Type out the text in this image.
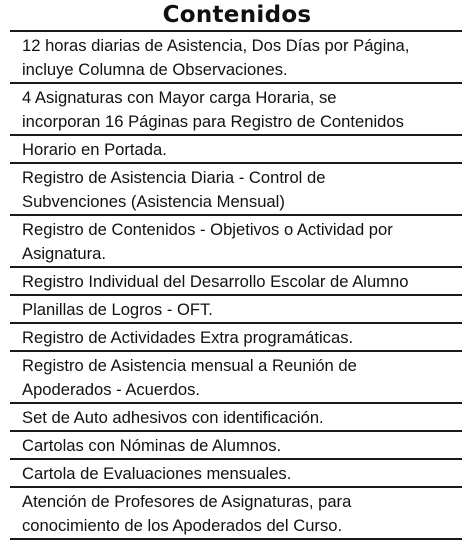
Contenidos
12 horas diarias de Asistencia, Dos Días por Página,
incluye Columna de Observaciones.
4 Asignaturas con Mayor carga Horaria, se
incorporan 16 Páginas para Registro de Contenidos
Horario en Portada.
Registro de Asistencia Diaria - Control de
Subvenciones (Asistencia Mensual)
Registro de Contenidos - Objetivos o Actividad por
Asignatura.
Registro Individual del Desarrollo Escolar de Alumno
Planillas de Logros - OFT.
Registro de Actividades Extra programáticas.
Registro de Asistencia mensual a Reunión de
Apoderados - Acuerdos.
Set de Auto adhesivos con identificación.
Cartolas con Nóminas de Alumnos.
Cartola de Evaluaciones mensuales.
Atención de Profesores de Asignaturas, para
conocimiento de los Apoderados del Curso.
